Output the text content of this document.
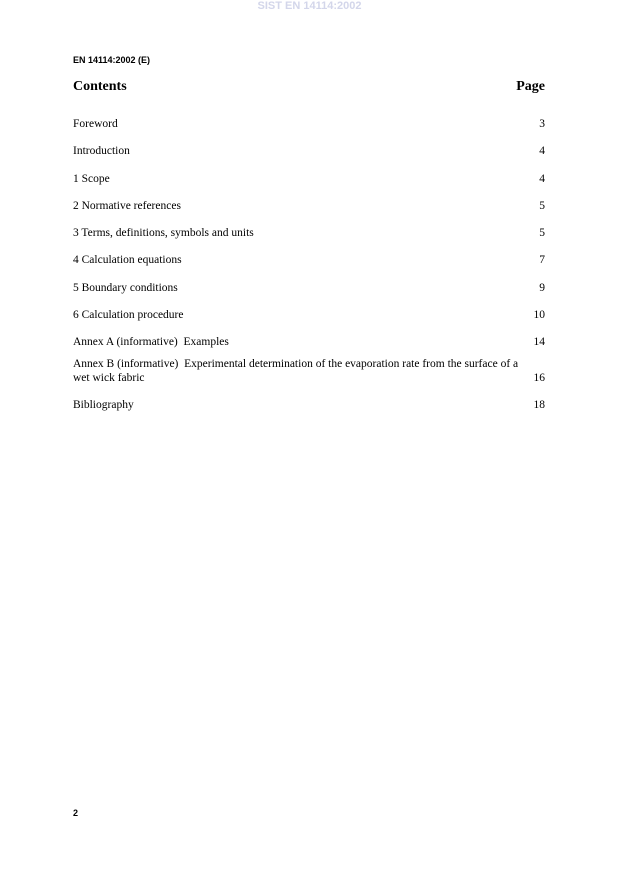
SIST EN 14114:2002
EN 14114:2002 (E)
Contents	Page
Foreword	3
Introduction	4
1 Scope	4
2 Normative references	5
3 Terms, definitions, symbols and units	5
4 Calculation equations	7
5 Boundary conditions	9
6 Calculation procedure	10
Annex A (informative)  Examples	14
Annex B (informative)  Experimental determination of the evaporation rate from the surface of a wet wick fabric	16
Bibliography	18
2
